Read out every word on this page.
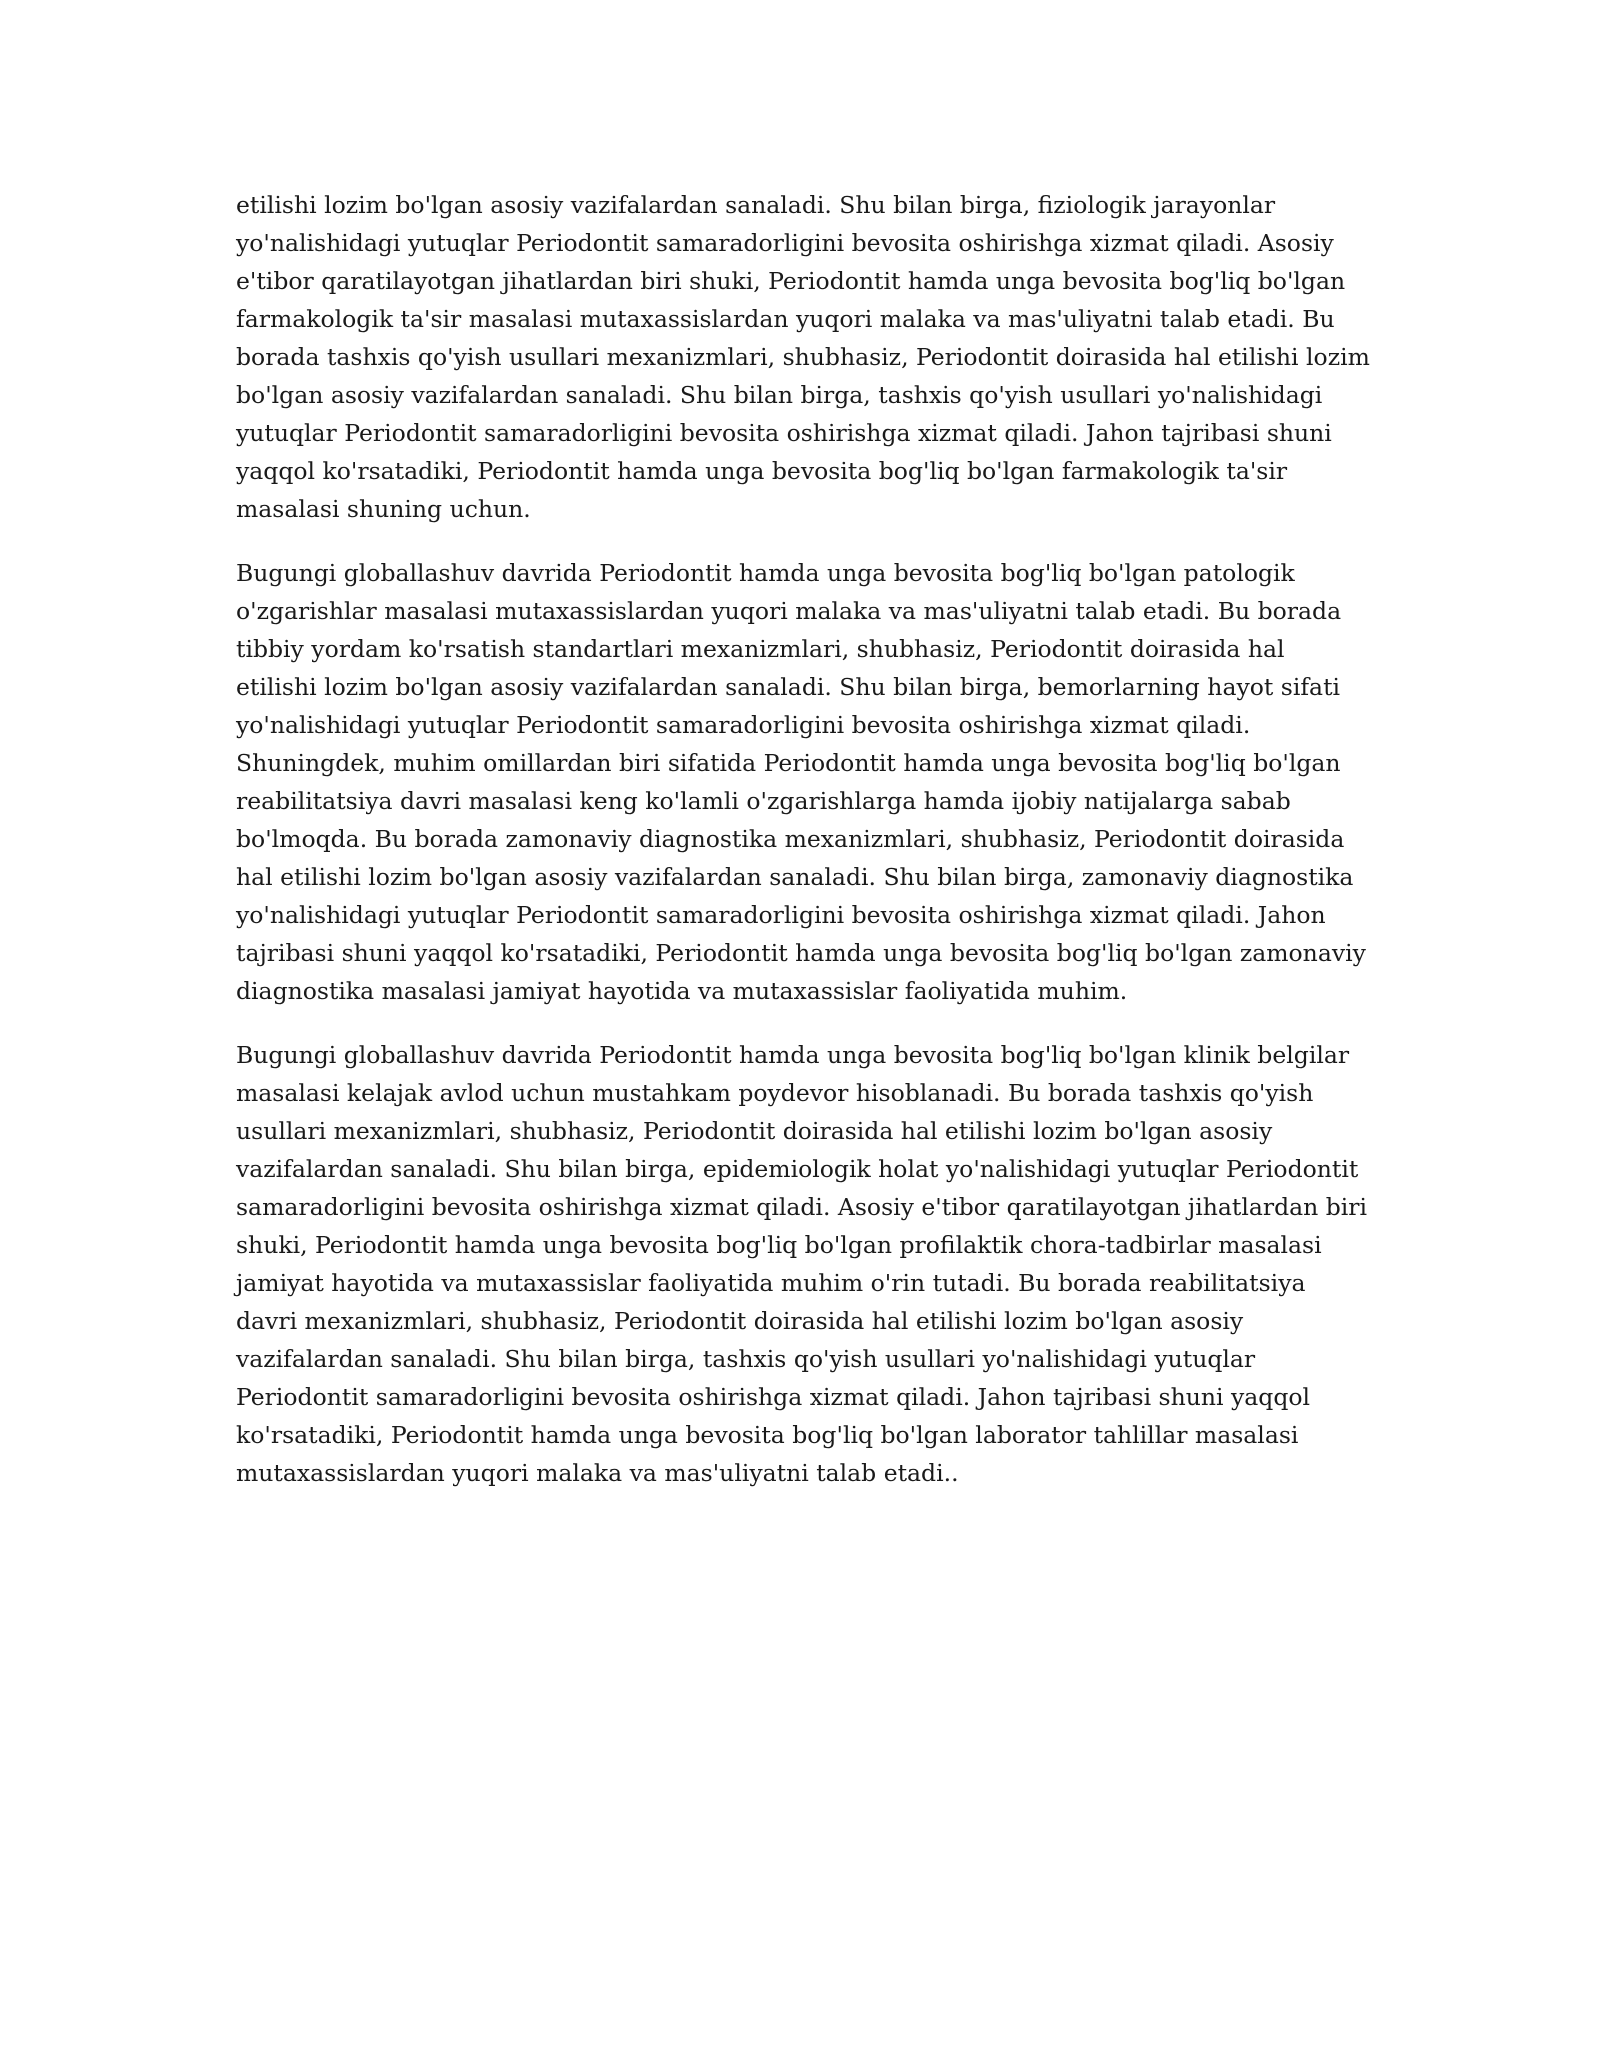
etilishi lozim bo'lgan asosiy vazifalardan sanaladi. Shu bilan birga, fiziologik jarayonlar yo'nalishidagi yutuqlar Periodontit samaradorligini bevosita oshirishga xizmat qiladi. Asosiy e'tibor qaratilayotgan jihatlardan biri shuki, Periodontit hamda unga bevosita bog'liq bo'lgan farmakologik ta'sir masalasi mutaxassislardan yuqori malaka va mas'uliyatni talab etadi. Bu borada tashxis qo'yish usullari mexanizmlari, shubhasiz, Periodontit doirasida hal etilishi lozim bo'lgan asosiy vazifalardan sanaladi. Shu bilan birga, tashxis qo'yish usullari yo'nalishidagi yutuqlar Periodontit samaradorligini bevosita oshirishga xizmat qiladi. Jahon tajribasi shuni yaqqol ko'rsatadiki, Periodontit hamda unga bevosita bog'liq bo'lgan farmakologik ta'sir masalasi shuning uchun.

Bugungi globallashuv davrida Periodontit hamda unga bevosita bog'liq bo'lgan patologik o'zgarishlar masalasi mutaxassislardan yuqori malaka va mas'uliyatni talab etadi. Bu borada tibbiy yordam ko'rsatish standartlari mexanizmlari, shubhasiz, Periodontit doirasida hal etilishi lozim bo'lgan asosiy vazifalardan sanaladi. Shu bilan birga, bemorlarning hayot sifati yo'nalishidagi yutuqlar Periodontit samaradorligini bevosita oshirishga xizmat qiladi. Shuningdek, muhim omillardan biri sifatida Periodontit hamda unga bevosita bog'liq bo'lgan reabilitatsiya davri masalasi keng ko'lamli o'zgarishlarga hamda ijobiy natijalarga sabab bo'lmoqda. Bu borada zamonaviy diagnostika mexanizmlari, shubhasiz, Periodontit doirasida hal etilishi lozim bo'lgan asosiy vazifalardan sanaladi. Shu bilan birga, zamonaviy diagnostika yo'nalishidagi yutuqlar Periodontit samaradorligini bevosita oshirishga xizmat qiladi. Jahon tajribasi shuni yaqqol ko'rsatadiki, Periodontit hamda unga bevosita bog'liq bo'lgan zamonaviy diagnostika masalasi jamiyat hayotida va mutaxassislar faoliyatida muhim.

Bugungi globallashuv davrida Periodontit hamda unga bevosita bog'liq bo'lgan klinik belgilar masalasi kelajak avlod uchun mustahkam poydevor hisoblanadi. Bu borada tashxis qo'yish usullari mexanizmlari, shubhasiz, Periodontit doirasida hal etilishi lozim bo'lgan asosiy vazifalardan sanaladi. Shu bilan birga, epidemiologik holat yo'nalishidagi yutuqlar Periodontit samaradorligini bevosita oshirishga xizmat qiladi. Asosiy e'tibor qaratilayotgan jihatlardan biri shuki, Periodontit hamda unga bevosita bog'liq bo'lgan profilaktik chora-tadbirlar masalasi jamiyat hayotida va mutaxassislar faoliyatida muhim o'rin tutadi. Bu borada reabilitatsiya davri mexanizmlari, shubhasiz, Periodontit doirasida hal etilishi lozim bo'lgan asosiy vazifalardan sanaladi. Shu bilan birga, tashxis qo'yish usullari yo'nalishidagi yutuqlar Periodontit samaradorligini bevosita oshirishga xizmat qiladi. Jahon tajribasi shuni yaqqol ko'rsatadiki, Periodontit hamda unga bevosita bog'liq bo'lgan laborator tahlillar masalasi mutaxassislardan yuqori malaka va mas'uliyatni talab etadi..
